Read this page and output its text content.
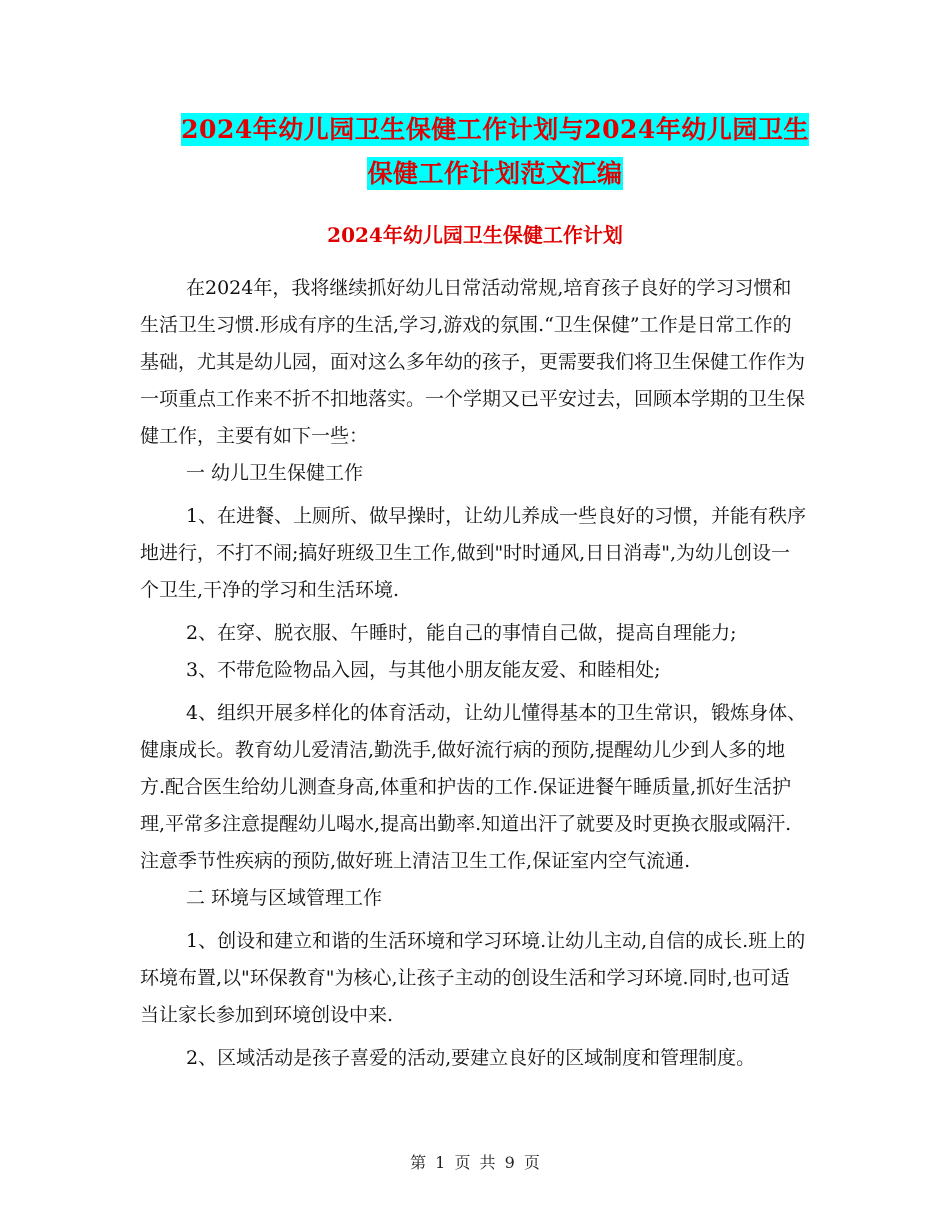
2024年幼儿园卫生保健工作计划与2024年幼儿园卫生
保健工作计划范文汇编
2024年幼儿园卫生保健工作计划

在2024年，我将继续抓好幼儿日常活动常规,培育孩子良好的学习习惯和生活卫生习惯.形成有序的生活,学习,游戏的氛围.“卫生保健”工作是日常工作的基础，尤其是幼儿园，面对这么多年幼的孩子，更需要我们将卫生保健工作作为一项重点工作来不折不扣地落实。一个学期又已平安过去，回顾本学期的卫生保健工作，主要有如下一些：

一 幼儿卫生保健工作

1、在进餐、上厕所、做早操时，让幼儿养成一些良好的习惯，并能有秩序地进行，不打不闹;搞好班级卫生工作,做到"时时通风,日日消毒",为幼儿创设一个卫生,干净的学习和生活环境.

2、在穿、脱衣服、午睡时，能自己的事情自己做，提高自理能力;

3、不带危险物品入园，与其他小朋友能友爱、和睦相处;

4、组织开展多样化的体育活动，让幼儿懂得基本的卫生常识，锻炼身体、健康成长。教育幼儿爱清洁,勤洗手,做好流行病的预防,提醒幼儿少到人多的地方.配合医生给幼儿测查身高,体重和护齿的工作.保证进餐午睡质量,抓好生活护理,平常多注意提醒幼儿喝水,提高出勤率.知道出汗了就要及时更换衣服或隔汗.注意季节性疾病的预防,做好班上清洁卫生工作,保证室内空气流通.

二 环境与区域管理工作

1、创设和建立和谐的生活环境和学习环境.让幼儿主动,自信的成长.班上的环境布置,以"环保教育"为核心,让孩子主动的创设生活和学习环境.同时,也可适当让家长参加到环境创设中来.

2、区域活动是孩子喜爱的活动,要建立良好的区域制度和管理制度。

第 1 页 共 9 页
